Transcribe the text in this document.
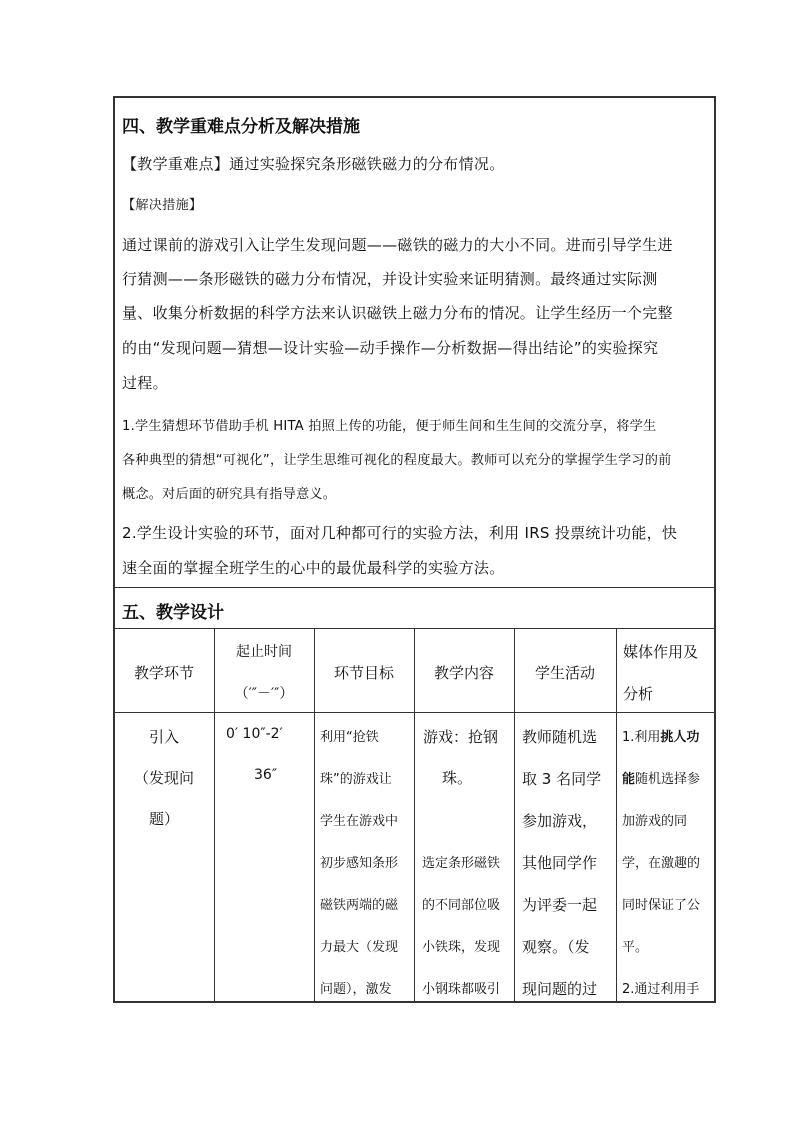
四、教学重难点分析及解决措施
【教学重难点】通过实验探究条形磁铁磁力的分布情况。
【解决措施】
通过课前的游戏引入让学生发现问题——磁铁的磁力的大小不同。进而引导学生进
行猜测——条形磁铁的磁力分布情况，并设计实验来证明猜测。最终通过实际测
量、收集分析数据的科学方法来认识磁铁上磁力分布的情况。让学生经历一个完整
的由“发现问题—猜想—设计实验—动手操作—分析数据—得出结论”的实验探究
过程。
1.学生猜想环节借助手机 HITA 拍照上传的功能，便于师生间和生生间的交流分享，将学生
各种典型的猜想“可视化”，让学生思维可视化的程度最大。教师可以充分的掌握学生学习的前
概念。对后面的研究具有指导意义。
2.学生设计实验的环节，面对几种都可行的实验方法，利用 IRS 投票统计功能，快
速全面的掌握全班学生的心中的最优最科学的实验方法。
五、教学设计
教学环节
起止时间
（′″－′″）
环节目标	教学内容	学生活动
媒体作用及
分析
引入
（发现问
题）
0′ 10″-2′
36″
利用“抢铁
珠”的游戏让
学生在游戏中
初步感知条形
磁铁两端的磁
力最大（发现
问题），激发
游戏：抢钢
珠。
选定条形磁铁
的不同部位吸
小铁珠，发现
小钢珠都吸引
教师随机选
取 3 名同学
参加游戏，
其他同学作
为评委一起
观察。（发
现问题的过
1.利用挑人功
能随机选择参
加游戏的同
学，在激趣的
同时保证了公
平。
2.通过利用手
